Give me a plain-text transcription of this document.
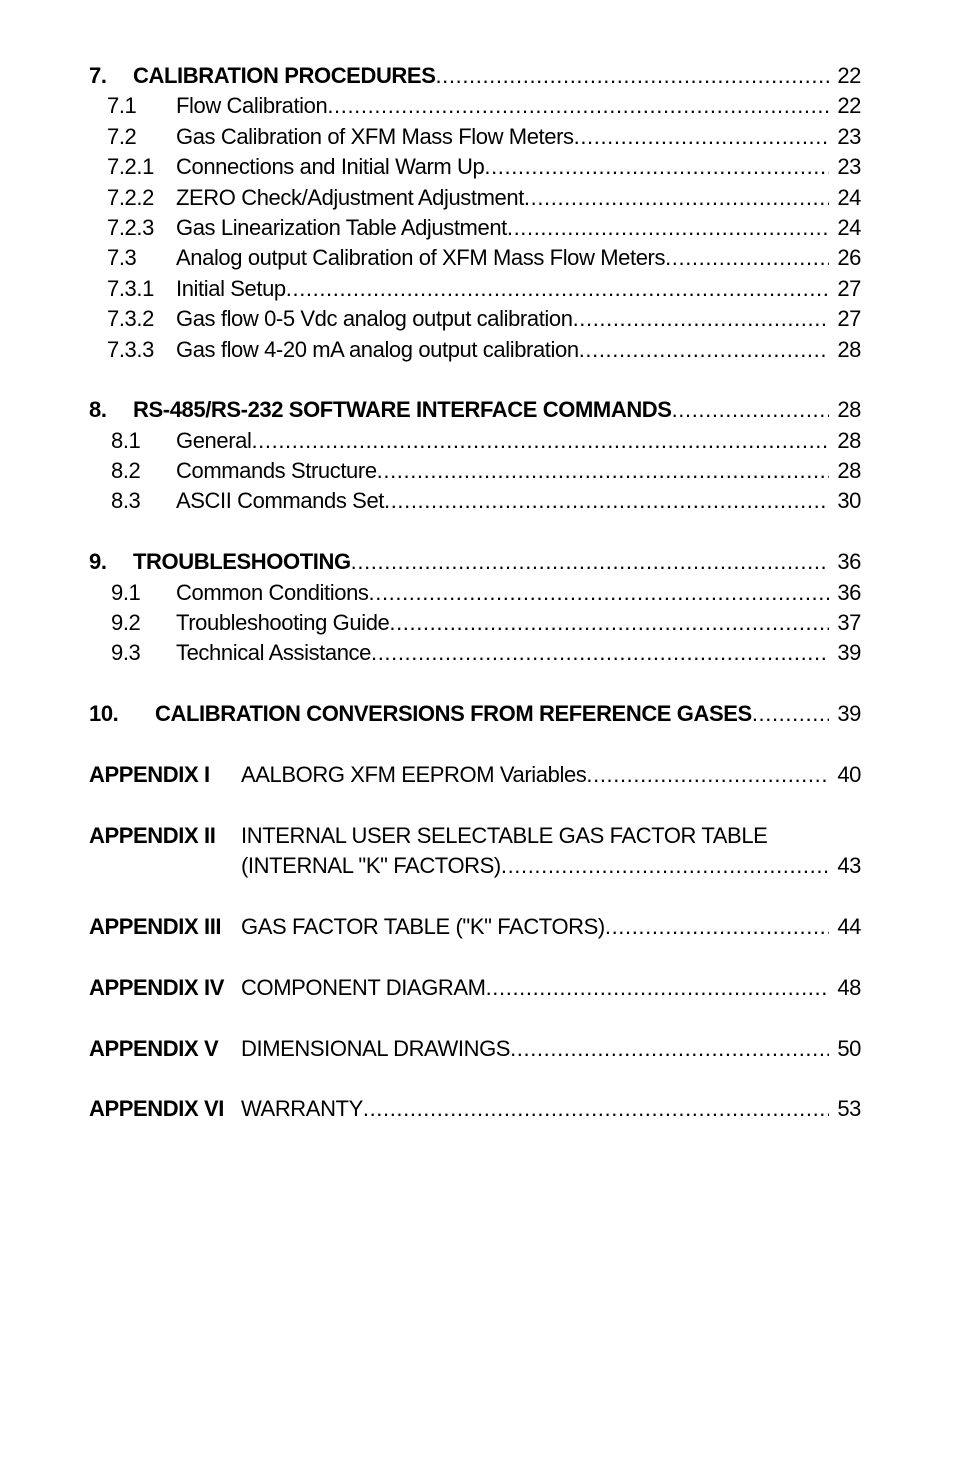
7.	CALIBRATION PROCEDURES .....	22
7.1	Flow Calibration .....	22
7.2	Gas Calibration of XFM Mass Flow Meters .....	23
7.2.1	Connections and Initial Warm Up .....	23
7.2.2	ZERO Check/Adjustment Adjustment .....	24
7.2.3	Gas Linearization Table Adjustment .....	24
7.3	Analog output Calibration of XFM Mass Flow Meters .....	26
7.3.1	Initial Setup .....	27
7.3.2	Gas flow 0-5 Vdc analog output calibration .....	27
7.3.3	Gas flow 4-20 mA analog output calibration .....	28
8.	RS-485/RS-232 SOFTWARE INTERFACE COMMANDS .....	28
8.1	General .....	28
8.2	Commands Structure .....	28
8.3	ASCII Commands Set .....	30
9.	TROUBLESHOOTING .....	36
9.1	Common Conditions .....	36
9.2	Troubleshooting Guide .....	37
9.3	Technical Assistance .....	39
10.	CALIBRATION CONVERSIONS FROM REFERENCE GASES .....	39
APPENDIX I	AALBORG XFM EEPROM Variables .....	40
APPENDIX II	INTERNAL USER SELECTABLE GAS FACTOR TABLE
(INTERNAL "K" FACTORS) .....	43
APPENDIX III GAS FACTOR TABLE ("K" FACTORS) .....	44
APPENDIX IV COMPONENT DIAGRAM .....	48
APPENDIX V	DIMENSIONAL DRAWINGS .....	50
APPENDIX VI WARRANTY .....	53
